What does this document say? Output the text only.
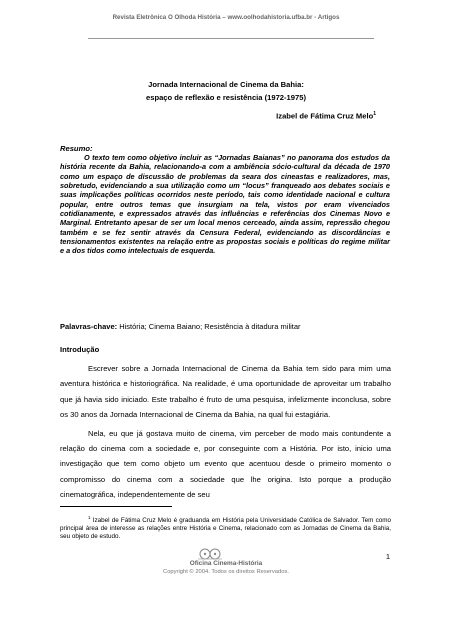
Revista Eletrônica O Olhoda História – www.oolhodahistoria.ufba.br - Artigos
Jornada Internacional de Cinema da Bahia:
espaço de reflexão e resistência (1972-1975)
Izabel de Fátima Cruz Melo$^1$
Resumo:

O texto tem como objetivo incluir as “Jornadas Baianas” no panorama dos estudos da história recente da Bahia, relacionando-a com a ambiência sócio-cultural da década de 1970 como um espaço de discussão de problemas da seara dos cineastas e realizadores, mas, sobretudo, evidenciando a sua utilização como um “locus” franqueado aos debates sociais e suas implicações políticas ocorridos neste período, tais como identidade nacional e cultura popular, entre outros temas que insurgiam na tela, vistos por eram vivenciados cotidianamente, e expressados através das influências e referências dos Cinemas Novo e Marginal. Entretanto apesar de ser um local menos cerceado, ainda assim, repressão chegou também e se fez sentir através da Censura Federal, evidenciando as discordâncias e tensionamentos existentes na relação entre as propostas sociais e políticas do regime militar e a dos tidos como intelectuais de esquerda.

Palavras-chave: História; Cinema Baiano; Resistência à ditadura militar
Introdução

Escrever sobre a Jornada Internacional de Cinema da Bahia tem sido para mim uma aventura histórica e historiográfica. Na realidade, é uma oportunidade de aproveitar um trabalho que já havia sido iniciado. Este trabalho é fruto de uma pesquisa, infelizmente inconclusa, sobre os 30 anos da Jornada Internacional de Cinema da Bahia, na qual fui estagiária.

Nela, eu que já gostava muito de cinema, vim perceber de modo mais contundente a relação do cinema com a sociedade e, por conseguinte com a História. Por isto, inicio uma investigação que tem como objeto um evento que acentuou desde o primeiro momento o compromisso do cinema com a sociedade que lhe origina. Isto porque a produção cinematográfica, independentemente de seu

$^1$ Izabel de Fátima Cruz Melo é graduanda em História pela Universidade Católica de Salvador. Tem como principal área de interesse as relações entre História e Cinema, relacionado com as Jornadas de Cinema da Bahia, seu objeto de estudo.

1
Oficina Cinema-História
Copyright © 2004. Todos os direitos Reservados.
